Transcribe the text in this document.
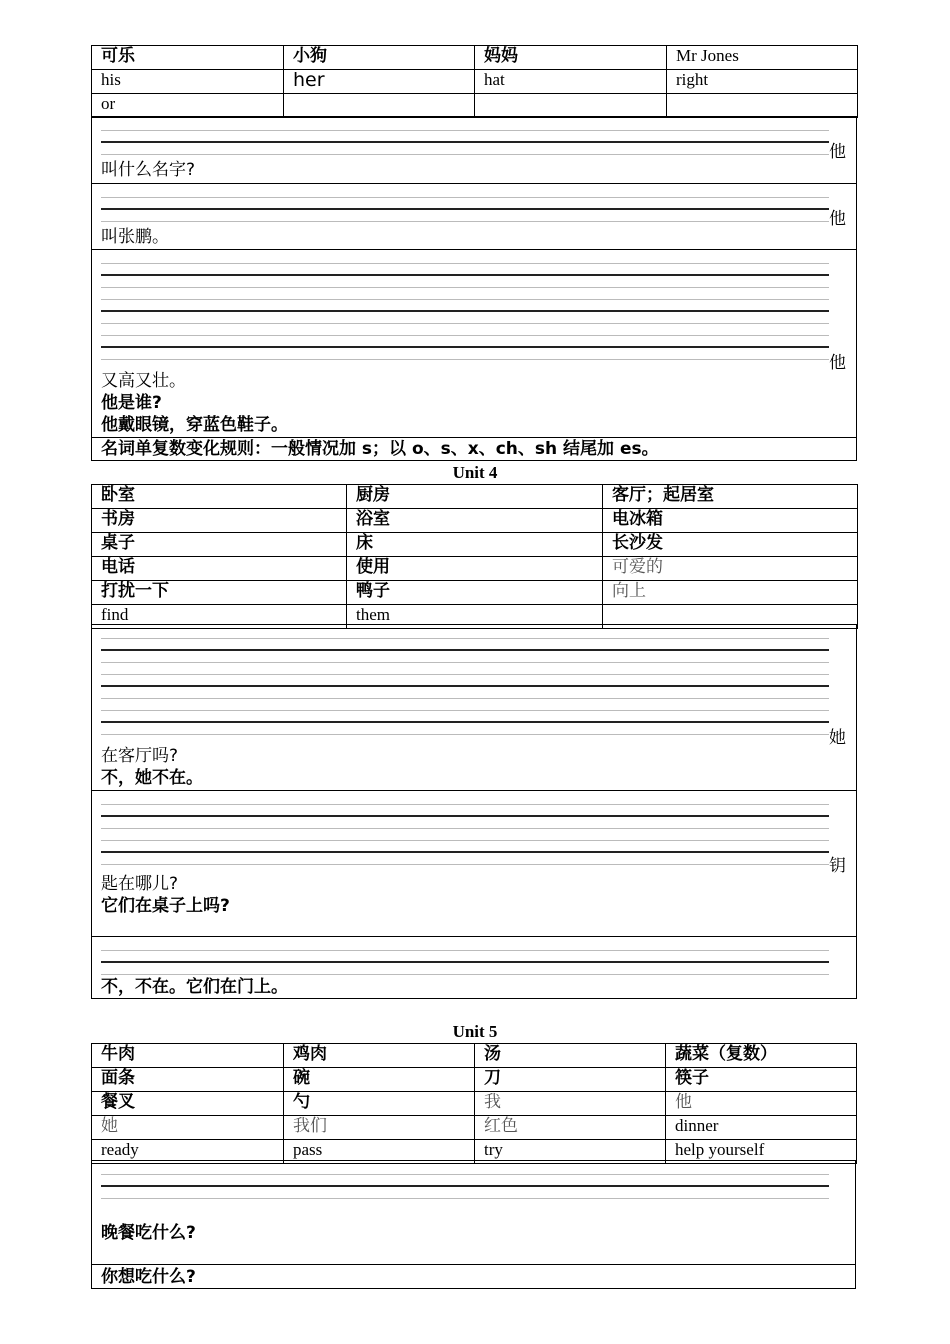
可乐	小狗	妈妈	Mr Jones
his	her	hat	right
or			
他
叫什么名字?
他
叫张鹏。
他
又高又壮。
他是谁?
他戴眼镜，穿蓝色鞋子。
名词单复数变化规则：一般情况加 s；以 o、s、x、ch、sh 结尾加 es。
Unit 4
卧室	厨房	客厅；起居室
书房	浴室	电冰箱
桌子	床	长沙发
电话	使用	可爱的
打扰一下	鸭子	向上
find	them	
她
在客厅吗?
不，她不在。
钥
匙在哪儿?
它们在桌子上吗?
不，不在。它们在门上。
Unit 5
牛肉	鸡肉	汤	蔬菜（复数）
面条	碗	刀	筷子
餐叉	勺	我	他
她	我们	红色	dinner
ready	pass	try	help yourself
晚餐吃什么?
你想吃什么?
